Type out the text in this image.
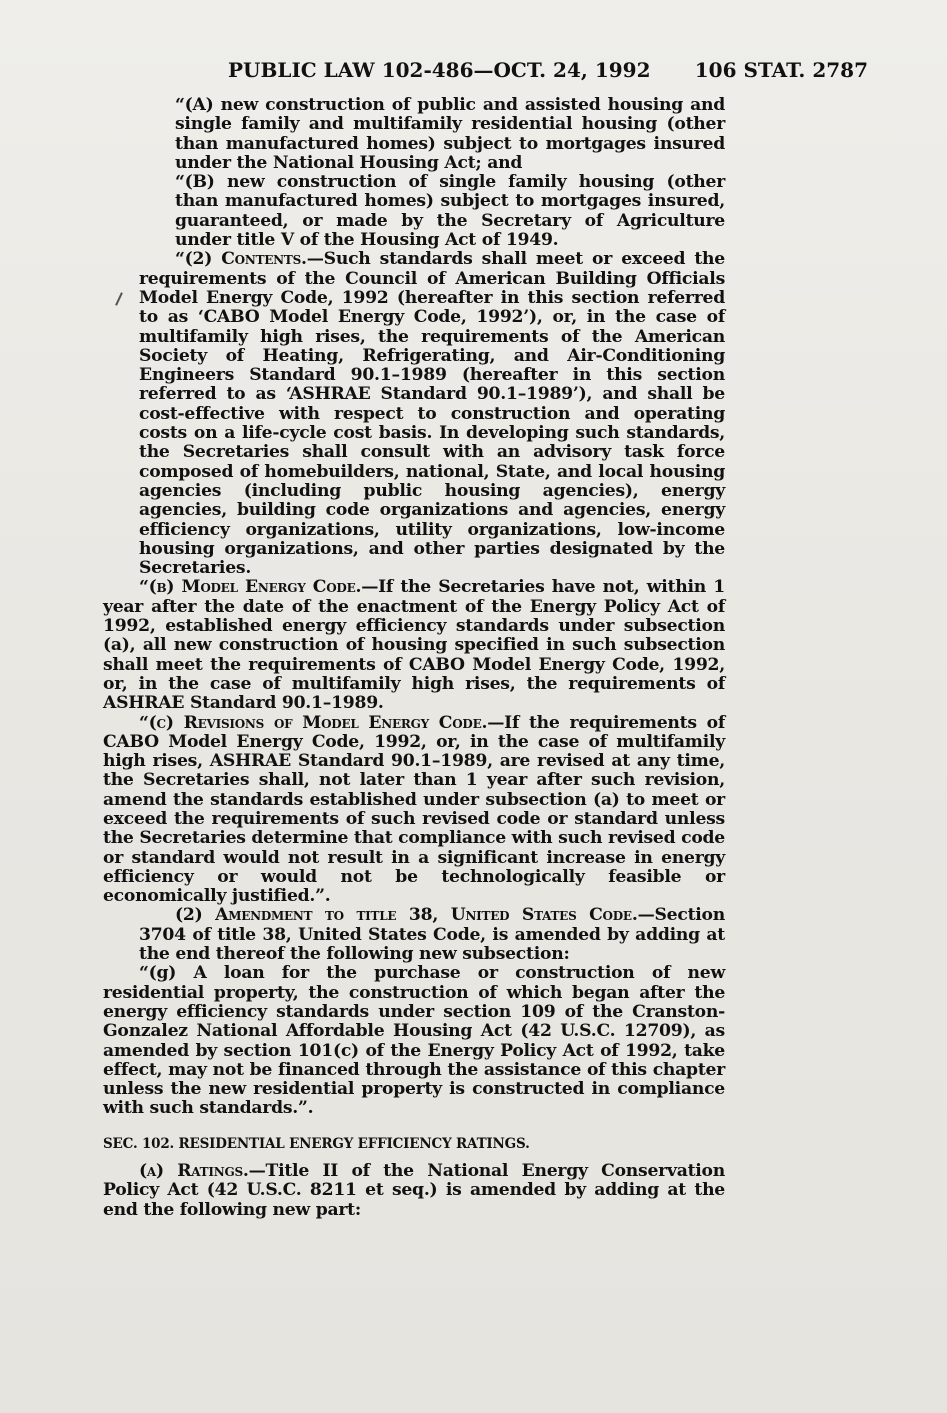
PUBLIC LAW 102-486—OCT. 24, 1992 106 STAT. 2787

“(A) new construction of public and assisted housing and single family and multifamily residential housing (other than manufactured homes) subject to mortgages insured under the National Housing Act; and

“(B) new construction of single family housing (other than manufactured homes) subject to mortgages insured, guaranteed, or made by the Secretary of Agriculture under title V of the Housing Act of 1949.

“(2) Contents.—Such standards shall meet or exceed the requirements of the Council of American Building Officials Model Energy Code, 1992 (hereafter in this section referred to as ‘CABO Model Energy Code, 1992’), or, in the case of multifamily high rises, the requirements of the American Society of Heating, Refrigerating, and Air-Conditioning Engineers Standard 90.1–1989 (hereafter in this section referred to as ‘ASHRAE Standard 90.1–1989’), and shall be cost-effective with respect to construction and operating costs on a life-cycle cost basis. In developing such standards, the Secretaries shall consult with an advisory task force composed of homebuilders, national, State, and local housing agencies (including public housing agencies), energy agencies, building code organizations and agencies, energy efficiency organizations, utility organizations, low-income housing organizations, and other parties designated by the Secretaries.

“(b) Model Energy Code.—If the Secretaries have not, within 1 year after the date of the enactment of the Energy Policy Act of 1992, established energy efficiency standards under subsection (a), all new construction of housing specified in such subsection shall meet the requirements of CABO Model Energy Code, 1992, or, in the case of multifamily high rises, the requirements of ASHRAE Standard 90.1–1989.

“(c) Revisions of Model Energy Code.—If the requirements of CABO Model Energy Code, 1992, or, in the case of multifamily high rises, ASHRAE Standard 90.1–1989, are revised at any time, the Secretaries shall, not later than 1 year after such revision, amend the standards established under subsection (a) to meet or exceed the requirements of such revised code or standard unless the Secretaries determine that compliance with such revised code or standard would not result in a significant increase in energy efficiency or would not be technologically feasible or economically justified.”.

(2) Amendment to title 38, United States Code.—Section 3704 of title 38, United States Code, is amended by adding at the end thereof the following new subsection:

“(g) A loan for the purchase or construction of new residential property, the construction of which began after the energy efficiency standards under section 109 of the Cranston-Gonzalez National Affordable Housing Act (42 U.S.C. 12709), as amended by section 101(c) of the Energy Policy Act of 1992, take effect, may not be financed through the assistance of this chapter unless the new residential property is constructed in compliance with such standards.”.

SEC. 102. RESIDENTIAL ENERGY EFFICIENCY RATINGS.

(a) Ratings.—Title II of the National Energy Conservation Policy Act (42 U.S.C. 8211 et seq.) is amended by adding at the end the following new part:
